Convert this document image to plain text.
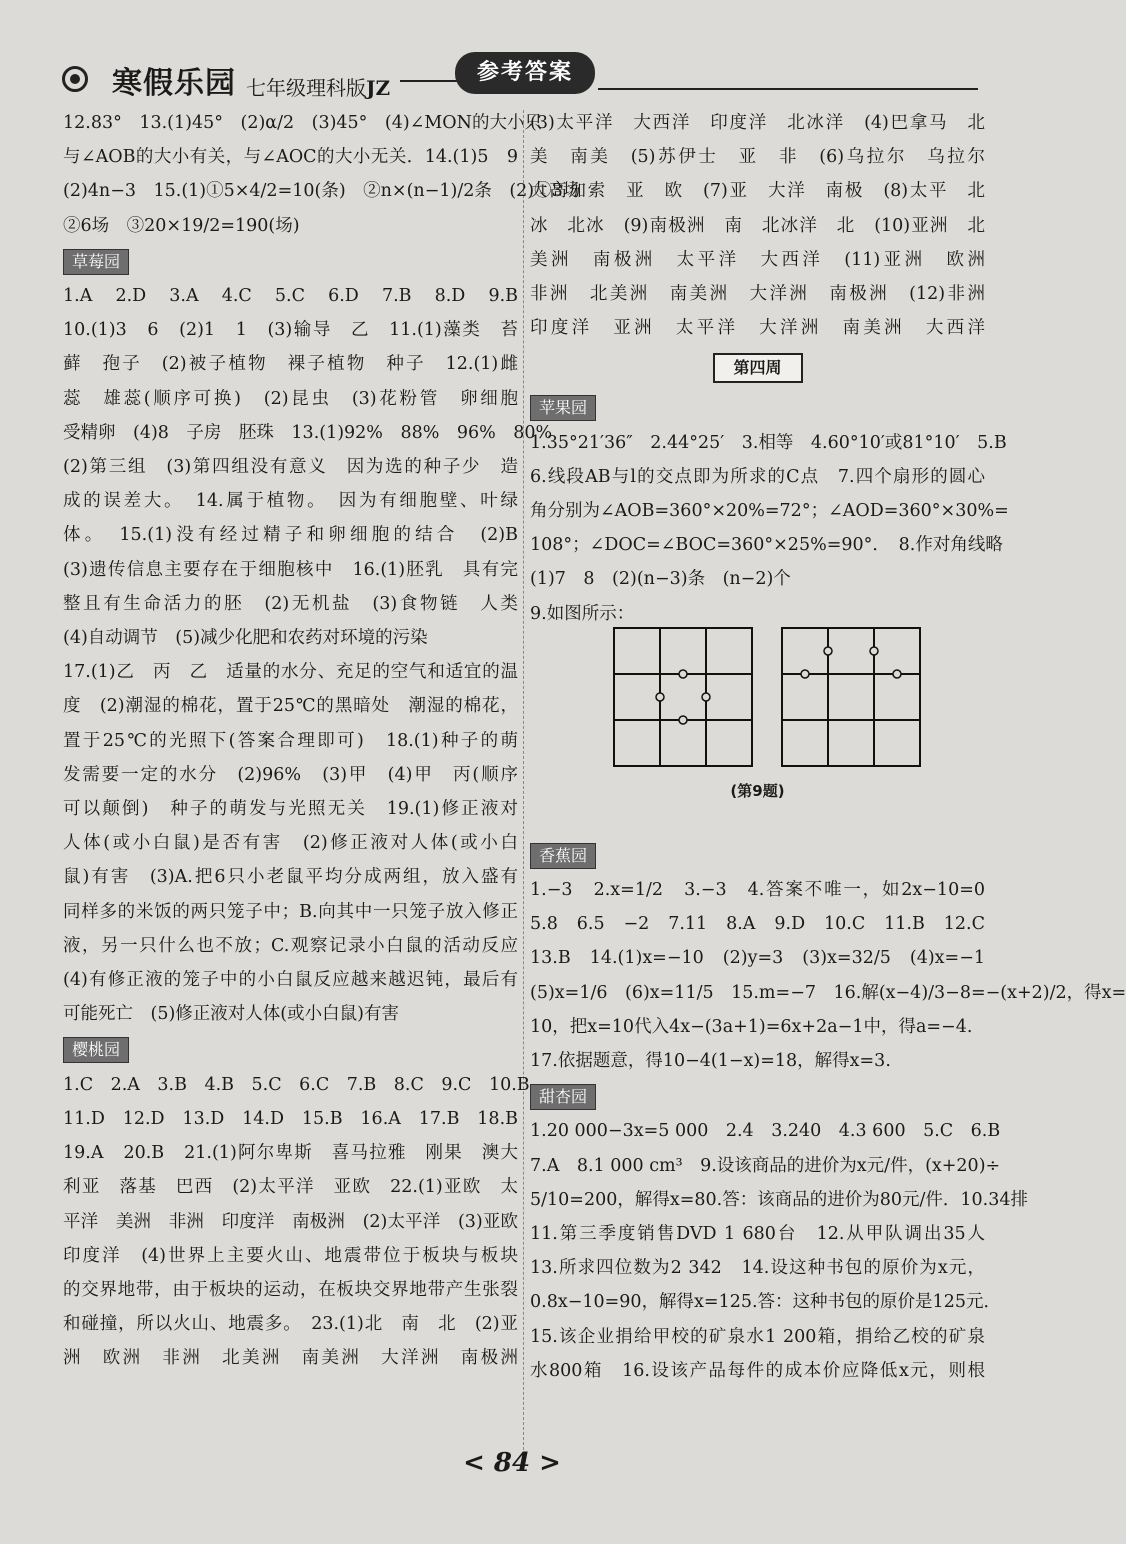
寒假乐园 七年级理科版JZ
参考答案
12.83°　13.(1)45°　(2)α/2　(3)45°　(4)∠MON的大小只
与∠AOB的大小有关，与∠AOC的大小无关．14.(1)5　9
(2)4n−3　15.(1)①5×4/2=10(条)　②n×(n−1)/2条　(2)①3场
②6场　③20×19/2=190(场)
草莓园
1.A　2.D　3.A　4.C　5.C　6.D　7.B　8.D　9.B
10.(1)3　6　(2)1　1　(3)输导　乙　11.(1)藻类　苔
藓　孢子　(2)被子植物　裸子植物　种子　12.(1)雌
蕊　雄蕊(顺序可换)　(2)昆虫　(3)花粉管　卵细胞
受精卵　(4)8　子房　胚珠　13.(1)92%　88%　96%　80%
(2)第三组　(3)第四组没有意义　因为选的种子少　造
成的误差大。　14.属于植物。　因为有细胞壁、叶绿
体。　15.(1)没有经过精子和卵细胞的结合　(2)B
(3)遗传信息主要存在于细胞核中　16.(1)胚乳　具有完
整且有生命活力的胚　(2)无机盐　(3)食物链　人类
(4)自动调节　(5)减少化肥和农药对环境的污染
17.(1)乙　丙　乙　适量的水分、充足的空气和适宜的温
度　(2)潮湿的棉花，置于25℃的黑暗处　潮湿的棉花，
置于25℃的光照下(答案合理即可)　18.(1)种子的萌
发需要一定的水分　(2)96%　(3)甲　(4)甲　丙(顺序
可以颠倒)　种子的萌发与光照无关　19.(1)修正液对
人体(或小白鼠)是否有害　(2)修正液对人体(或小白
鼠)有害　(3)A.把6只小老鼠平均分成两组，放入盛有
同样多的米饭的两只笼子中；B.向其中一只笼子放入修正
液，另一只什么也不放；C.观察记录小白鼠的活动反应
(4)有修正液的笼子中的小白鼠反应越来越迟钝，最后有
可能死亡　(5)修正液对人体(或小白鼠)有害
樱桃园
1.C　2.A　3.B　4.B　5.C　6.C　7.B　8.C　9.C　10.B
11.D　12.D　13.D　14.D　15.B　16.A　17.B　18.B
19.A　20.B　21.(1)阿尔卑斯　喜马拉雅　刚果　澳大
利亚　落基　巴西　(2)太平洋　亚欧　22.(1)亚欧　太
平洋　美洲　非洲　印度洋　南极洲　(2)太平洋　(3)亚欧
印度洋　(4)世界上主要火山、地震带位于板块与板块
的交界地带，由于板块的运动，在板块交界地带产生张裂
和碰撞，所以火山、地震多。　23.(1)北　南　北　(2)亚
洲　欧洲　非洲　北美洲　南美洲　大洋洲　南极洲
(3)太平洋　大西洋　印度洋　北冰洋　(4)巴拿马　北
美　南美　(5)苏伊士　亚　非　(6)乌拉尔　乌拉尔
大高加索　亚　欧　(7)亚　大洋　南极　(8)太平　北
冰　北冰　(9)南极洲　南　北冰洋　北　(10)亚洲　北
美洲　南极洲　太平洋　大西洋　(11)亚洲　欧洲
非洲　北美洲　南美洲　大洋洲　南极洲　(12)非洲
印度洋　亚洲　太平洋　大洋洲　南美洲　大西洋
第四周
苹果园
1.35°21′36″　2.44°25′　3.相等　4.60°10′或81°10′　5.B
6.线段AB与l的交点即为所求的C点　7.四个扇形的圆心
角分别为∠AOB=360°×20%=72°；∠AOD=360°×30%=
108°；∠DOC=∠BOC=360°×25%=90°．　8.作对角线略
(1)7　8　(2)(n−3)条　(n−2)个
9.如图所示：
香蕉园
1.−3　2.x=1/2　3.−3　4.答案不唯一，如2x−10=0
5.8　6.5　−2　7.11　8.A　9.D　10.C　11.B　12.C
13.B　14.(1)x=−10　(2)y=3　(3)x=32/5　(4)x=−1
(5)x=1/6　(6)x=11/5　15.m=−7　16.解(x−4)/3−8=−(x+2)/2，得x=
10，把x=10代入4x−(3a+1)=6x+2a−1中，得a=−4.
17.依据题意，得10−4(1−x)=18，解得x=3.
甜杏园
1.20 000−3x=5 000　2.4　3.240　4.3 600　5.C　6.B
7.A　8.1 000 cm³　9.设该商品的进价为x元/件，(x+20)÷
5/10=200，解得x=80.答：该商品的进价为80元/件．10.34排
11.第三季度销售DVD 1 680台　12.从甲队调出35人
13.所求四位数为2 342　14.设这种书包的原价为x元，
0.8x−10=90，解得x=125.答：这种书包的原价是125元．
15.该企业捐给甲校的矿泉水1 200箱，捐给乙校的矿泉
水800箱　16.设该产品每件的成本价应降低x元，则根
(第9题)
< 84 >
